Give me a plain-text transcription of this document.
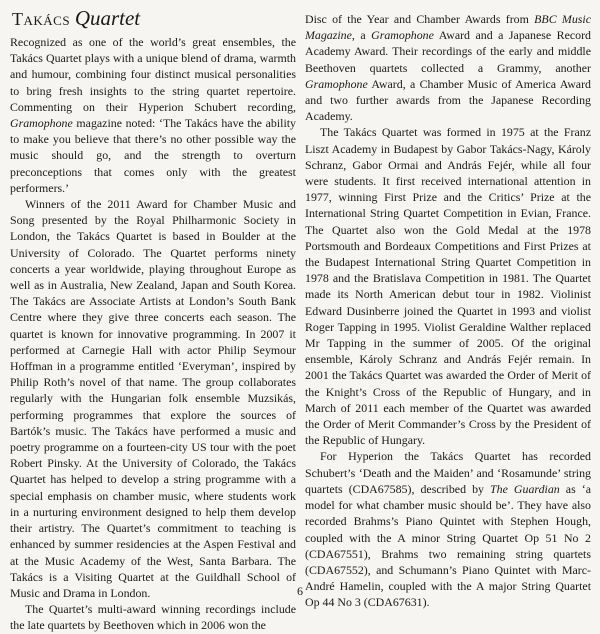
Takács Quartet

Recognized as one of the world’s great ensembles, the Takács Quartet plays with a unique blend of drama, warmth and humour, combining four distinct musical personalities to bring fresh insights to the string quartet repertoire. Commenting on their Hyperion Schubert recording, Gramophone magazine noted: ‘The Takács have the ability to make you believe that there’s no other possible way the music should go, and the strength to overturn preconceptions that comes only with the greatest performers.’

Winners of the 2011 Award for Chamber Music and Song presented by the Royal Philharmonic Society in London, the Takács Quartet is based in Boulder at the University of Colorado. The Quartet performs ninety concerts a year worldwide, playing throughout Europe as well as in Australia, New Zealand, Japan and South Korea. The Takács are Associate Artists at London’s South Bank Centre where they give three concerts each season. The quartet is known for innovative programming. In 2007 it performed at Carnegie Hall with actor Philip Seymour Hoffman in a programme entitled ‘Everyman’, inspired by Philip Roth’s novel of that name. The group collaborates regularly with the Hungarian folk ensemble Muzsikás, performing programmes that explore the sources of Bartók’s music. The Takács have performed a music and poetry programme on a fourteen-city US tour with the poet Robert Pinsky. At the University of Colorado, the Takács Quartet has helped to develop a string programme with a special emphasis on chamber music, where students work in a nurturing environment designed to help them develop their artistry. The Quartet’s commitment to teaching is enhanced by summer residencies at the Aspen Festival and at the Music Academy of the West, Santa Barbara. The Takács is a Visiting Quartet at the Guildhall School of Music and Drama in London.

The Quartet’s multi-award winning recordings include the late quartets by Beethoven which in 2006 won the

Disc of the Year and Chamber Awards from BBC Music Magazine, a Gramophone Award and a Japanese Record Academy Award. Their recordings of the early and middle Beethoven quartets collected a Grammy, another Gramophone Award, a Chamber Music of America Award and two further awards from the Japanese Recording Academy.

The Takács Quartet was formed in 1975 at the Franz Liszt Academy in Budapest by Gabor Takács-Nagy, Károly Schranz, Gabor Ormai and András Fejér, while all four were students. It first received international attention in 1977, winning First Prize and the Critics’ Prize at the International String Quartet Competition in Evian, France. The Quartet also won the Gold Medal at the 1978 Portsmouth and Bordeaux Competitions and First Prizes at the Budapest International String Quartet Competition in 1978 and the Bratislava Competition in 1981. The Quartet made its North American debut tour in 1982. Violinist Edward Dusinberre joined the Quartet in 1993 and violist Roger Tapping in 1995. Violist Geraldine Walther replaced Mr Tapping in the summer of 2005. Of the original ensemble, Károly Schranz and András Fejér remain. In 2001 the Takács Quartet was awarded the Order of Merit of the Knight’s Cross of the Republic of Hungary, and in March of 2011 each member of the Quartet was awarded the Order of Merit Commander’s Cross by the President of the Republic of Hungary.

For Hyperion the Takács Quartet has recorded Schubert’s ‘Death and the Maiden’ and ‘Rosamunde’ string quartets (CDA67585), described by The Guardian as ‘a model for what chamber music should be’. They have also recorded Brahms’s Piano Quintet with Stephen Hough, coupled with the A minor String Quartet Op 51 No 2 (CDA67551), Brahms two remaining string quartets (CDA67552), and Schumann’s Piano Quintet with Marc-André Hamelin, coupled with the A major String Quartet Op 44 No 3 (CDA67631).

6
